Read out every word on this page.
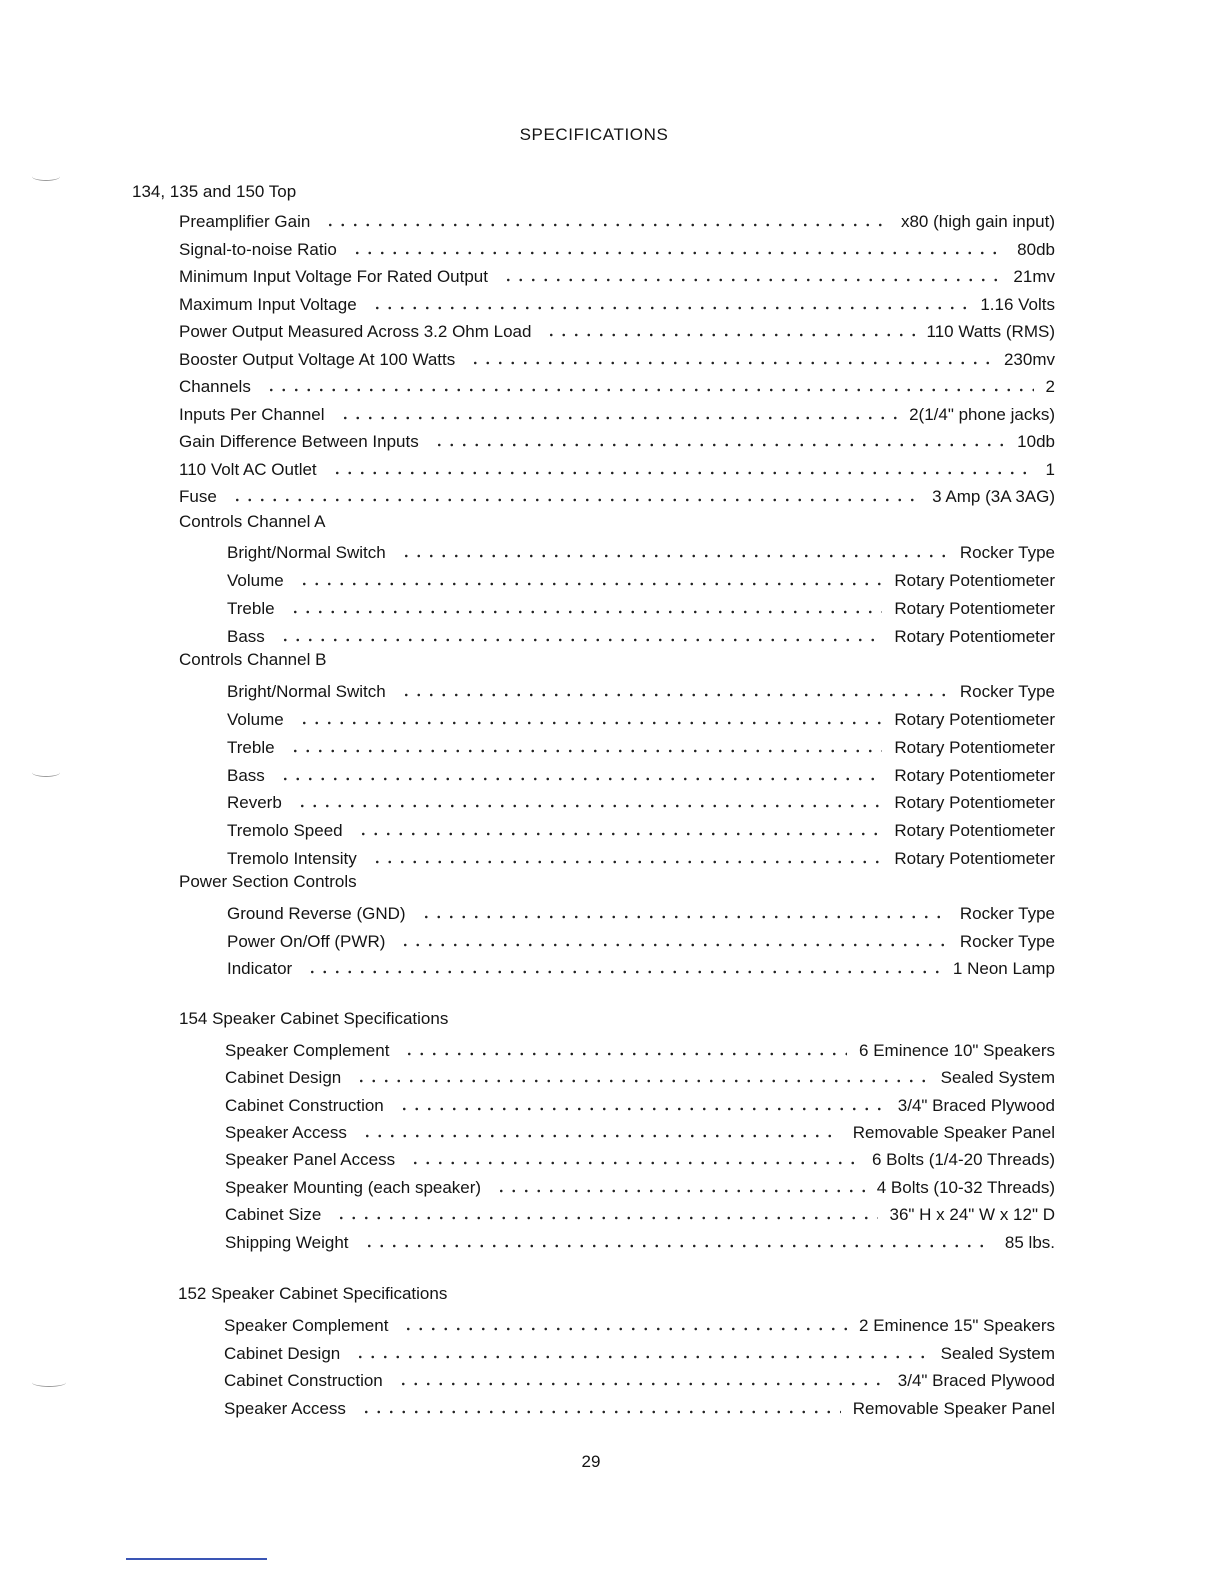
SPECIFICATIONS
134, 135 and 150 Top
Preamplifier Gain	x80 (high gain input)
Signal-to-noise Ratio	80db
Minimum Input Voltage For Rated Output	21mv
Maximum Input Voltage	1.16 Volts
Power Output Measured Across 3.2 Ohm Load	110 Watts (RMS)
Booster Output Voltage At 100 Watts	230mv
Channels	2
Inputs Per Channel	2(1/4" phone jacks)
Gain Difference Between Inputs	10db
110 Volt AC Outlet	1
Fuse	3 Amp (3A 3AG)
Controls Channel A
Bright/Normal Switch	Rocker Type
Volume	Rotary Potentiometer
Treble	Rotary Potentiometer
Bass	Rotary Potentiometer
Controls Channel B
Bright/Normal Switch	Rocker Type
Volume	Rotary Potentiometer
Treble	Rotary Potentiometer
Bass	Rotary Potentiometer
Reverb	Rotary Potentiometer
Tremolo Speed	Rotary Potentiometer
Tremolo Intensity	Rotary Potentiometer
Power Section Controls
Ground Reverse (GND)	Rocker Type
Power On/Off (PWR)	Rocker Type
Indicator	1 Neon Lamp
154 Speaker Cabinet Specifications
Speaker Complement	6 Eminence 10" Speakers
Cabinet Design	Sealed System
Cabinet Construction	3/4" Braced Plywood
Speaker Access	Removable Speaker Panel
Speaker Panel Access	6 Bolts (1/4-20 Threads)
Speaker Mounting (each speaker)	4 Bolts (10-32 Threads)
Cabinet Size	36" H x 24" W x 12" D
Shipping Weight	85 lbs.
152 Speaker Cabinet Specifications
Speaker Complement	2 Eminence 15" Speakers
Cabinet Design	Sealed System
Cabinet Construction	3/4" Braced Plywood
Speaker Access	Removable Speaker Panel
29
